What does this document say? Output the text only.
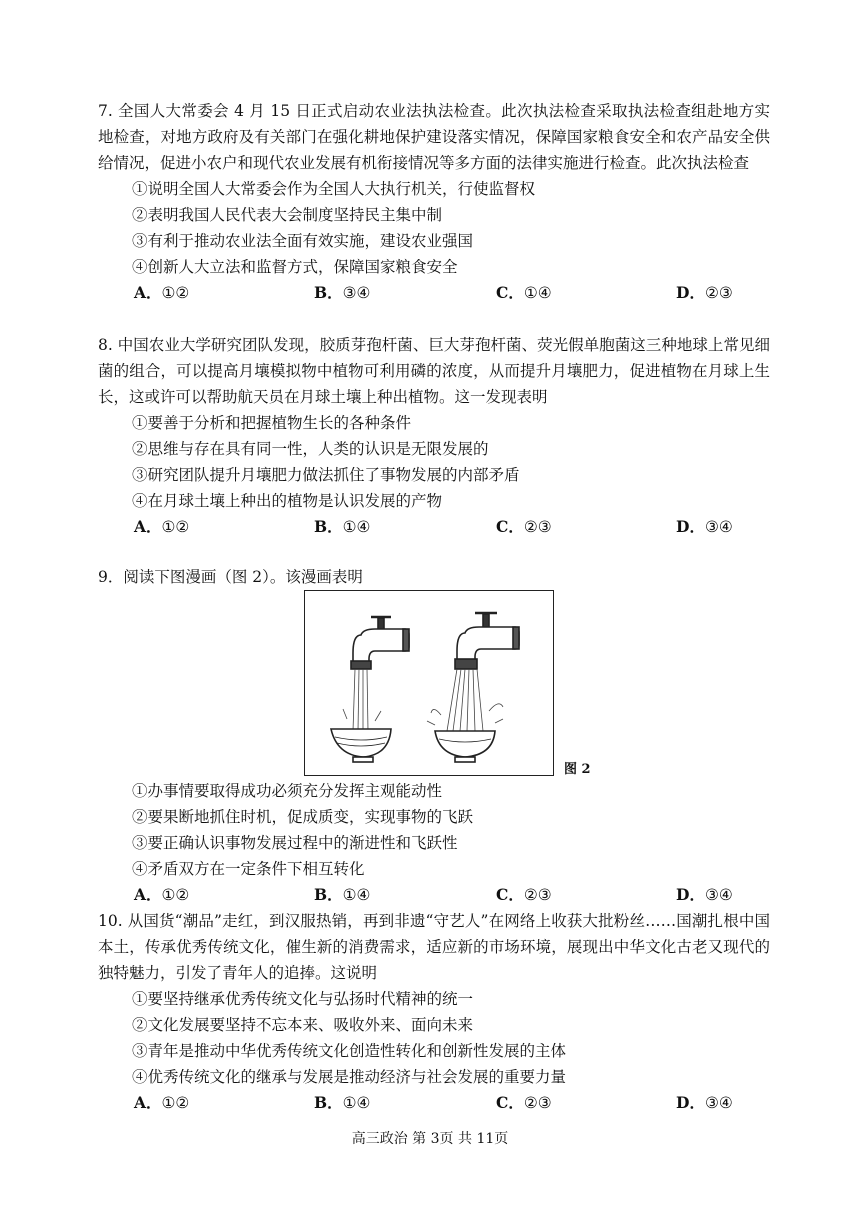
7. 全国人大常委会 4 月 15 日正式启动农业法执法检查。此次执法检查采取执法检查组赴地方实地检查，对地方政府及有关部门在强化耕地保护建设落实情况，保障国家粮食安全和农产品安全供给情况，促进小农户和现代农业发展有机衔接情况等多方面的法律实施进行检查。此次执法检查

①说明全国人大常委会作为全国人大执行机关，行使监督权

②表明我国人民代表大会制度坚持民主集中制

③有利于推动农业法全面有效实施，建设农业强国

④创新人大立法和监督方式，保障国家粮食安全

A．①②	B．③④	C．①④	D．②③

8. 中国农业大学研究团队发现，胶质芽孢杆菌、巨大芽孢杆菌、荧光假单胞菌这三种地球上常见细菌的组合，可以提高月壤模拟物中植物可利用磷的浓度，从而提升月壤肥力，促进植物在月球上生长，这或许可以帮助航天员在月球土壤上种出植物。这一发现表明

①要善于分析和把握植物生长的各种条件

②思维与存在具有同一性，人类的认识是无限发展的

③研究团队提升月壤肥力做法抓住了事物发展的内部矛盾

④在月球土壤上种出的植物是认识发展的产物

A．①②	B．①④	C．②③	D．③④

9．阅读下图漫画（图 2）。该漫画表明

图 2

①办事情要取得成功必须充分发挥主观能动性

②要果断地抓住时机，促成质变，实现事物的飞跃

③要正确认识事物发展过程中的渐进性和飞跃性

④矛盾双方在一定条件下相互转化

A．①②	B．①④	C．②③	D．③④

10. 从国货“潮品”走红，到汉服热销，再到非遗“守艺人”在网络上收获大批粉丝……国潮扎根中国本土，传承优秀传统文化，催生新的消费需求，适应新的市场环境，展现出中华文化古老又现代的独特魅力，引发了青年人的追捧。这说明

①要坚持继承优秀传统文化与弘扬时代精神的统一

②文化发展要坚持不忘本来、吸收外来、面向未来

③青年是推动中华优秀传统文化创造性转化和创新性发展的主体

④优秀传统文化的继承与发展是推动经济与社会发展的重要力量

A．①②	B．①④	C．②③	D．③④
高三政治 第 3页 共 11页
